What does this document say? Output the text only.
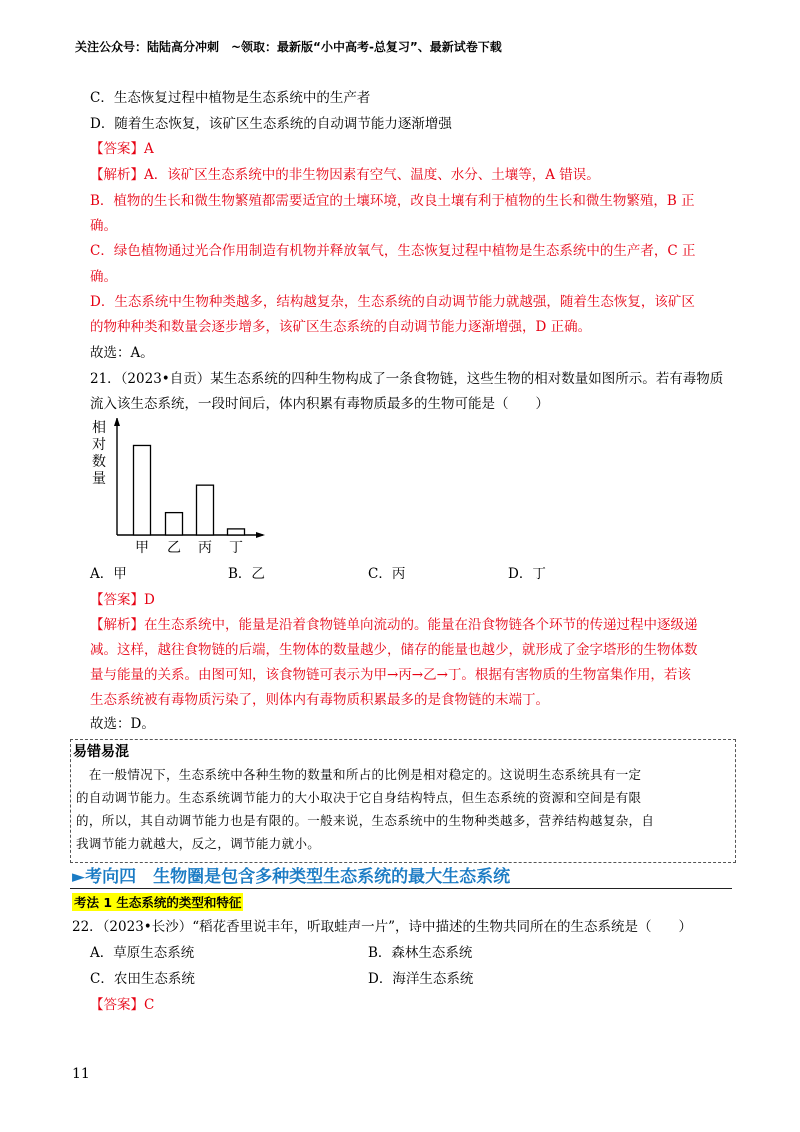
关注公众号：陆陆高分冲刺　~领取：最新版“小中高考-总复习”、最新试卷下载
C．生态恢复过程中植物是生态系统中的生产者
D．随着生态恢复，该矿区生态系统的自动调节能力逐渐增强
【答案】A
【解析】A．该矿区生态系统中的非生物因素有空气、温度、水分、土壤等，A 错误。
B．植物的生长和微生物繁殖都需要适宜的土壤环境，改良土壤有利于植物的生长和微生物繁殖，B 正
确。
C．绿色植物通过光合作用制造有机物并释放氧气，生态恢复过程中植物是生态系统中的生产者，C 正
确。
D．生态系统中生物种类越多，结构越复杂，生态系统的自动调节能力就越强，随着生态恢复，该矿区
的物种种类和数量会逐步增多，该矿区生态系统的自动调节能力逐渐增强，D 正确。
故选：A。
21．（2023•自贡）某生态系统的四种生物构成了一条食物链，这些生物的相对数量如图所示。若有毒物质
流入该生态系统，一段时间后，体内积累有毒物质最多的生物可能是（　　）
相
对
数
量
甲 乙 丙 丁
A．甲	B．乙	C．丙	D．丁
【答案】D
【解析】在生态系统中，能量是沿着食物链单向流动的。能量在沿食物链各个环节的传递过程中逐级递
减。这样，越往食物链的后端，生物体的数量越少，储存的能量也越少，就形成了金字塔形的生物体数
量与能量的关系。由图可知，该食物链可表示为甲→丙→乙→丁。根据有害物质的生物富集作用，若该
生态系统被有毒物质污染了，则体内有毒物质积累最多的是食物链的末端丁。
故选：D。
易错易混
　在一般情况下，生态系统中各种生物的数量和所占的比例是相对稳定的。这说明生态系统具有一定
的自动调节能力。生态系统调节能力的大小取决于它自身结构特点，但生态系统的资源和空间是有限
的，所以，其自动调节能力也是有限的。一般来说，生态系统中的生物种类越多，营养结构越复杂，自
我调节能力就越大，反之，调节能力就小。
►考向四　生物圈是包含多种类型生态系统的最大生态系统
考法 1 生态系统的类型和特征
22．（2023•长沙）“稻花香里说丰年，听取蛙声一片”，诗中描述的生物共同所在的生态系统是（　　）
A．草原生态系统	B．森林生态系统
C．农田生态系统	D．海洋生态系统
【答案】C
11
